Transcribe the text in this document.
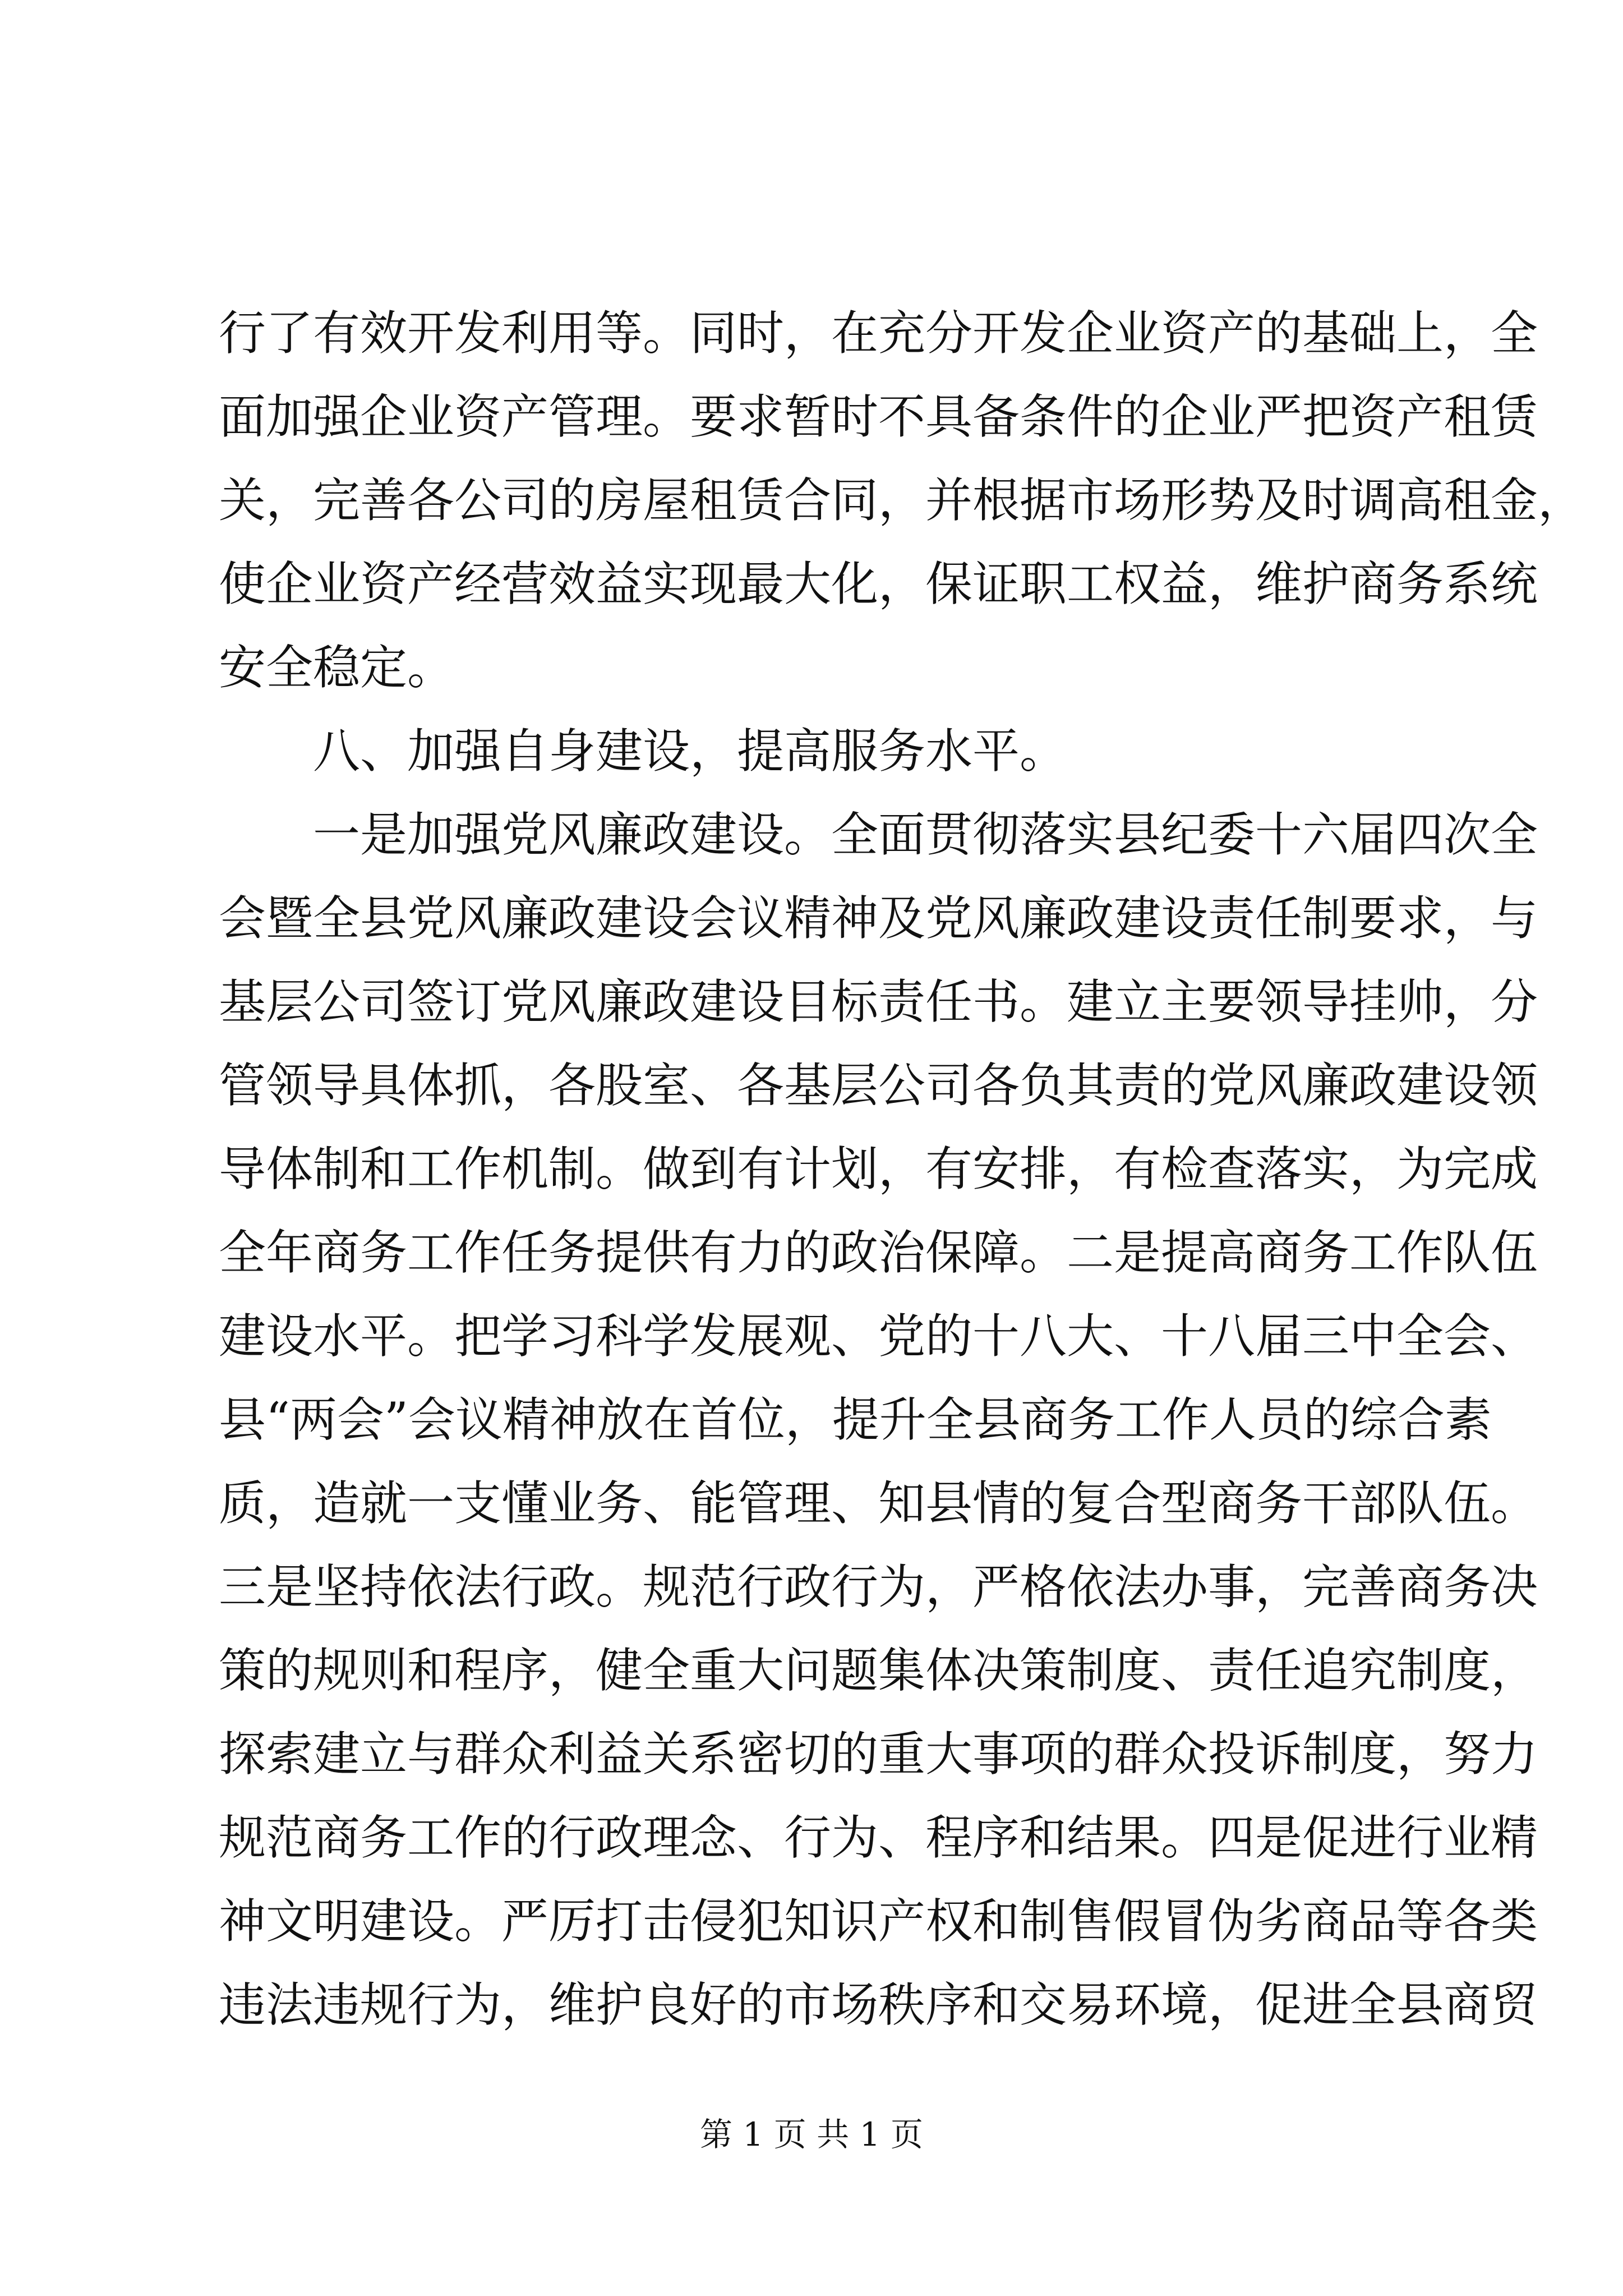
行了有效开发利用等。同时，在充分开发企业资产的基础上，全
面加强企业资产管理。要求暂时不具备条件的企业严把资产租赁
关，完善各公司的房屋租赁合同，并根据市场形势及时调高租金，
使企业资产经营效益实现最大化，保证职工权益，维护商务系统
安全稳定。
八、加强自身建设，提高服务水平。
一是加强党风廉政建设。全面贯彻落实县纪委十六届四次全
会暨全县党风廉政建设会议精神及党风廉政建设责任制要求，与
基层公司签订党风廉政建设目标责任书。建立主要领导挂帅，分
管领导具体抓，各股室、各基层公司各负其责的党风廉政建设领
导体制和工作机制。做到有计划，有安排，有检查落实，为完成
全年商务工作任务提供有力的政治保障。二是提高商务工作队伍
建设水平。把学习科学发展观、党的十八大、十八届三中全会、
县“两会”会议精神放在首位，提升全县商务工作人员的综合素
质，造就一支懂业务、能管理、知县情的复合型商务干部队伍。
三是坚持依法行政。规范行政行为，严格依法办事，完善商务决
策的规则和程序，健全重大问题集体决策制度、责任追究制度，
探索建立与群众利益关系密切的重大事项的群众投诉制度，努力
规范商务工作的行政理念、行为、程序和结果。四是促进行业精
神文明建设。严厉打击侵犯知识产权和制售假冒伪劣商品等各类
违法违规行为，维护良好的市场秩序和交易环境，促进全县商贸
第 1 页 共 1 页
